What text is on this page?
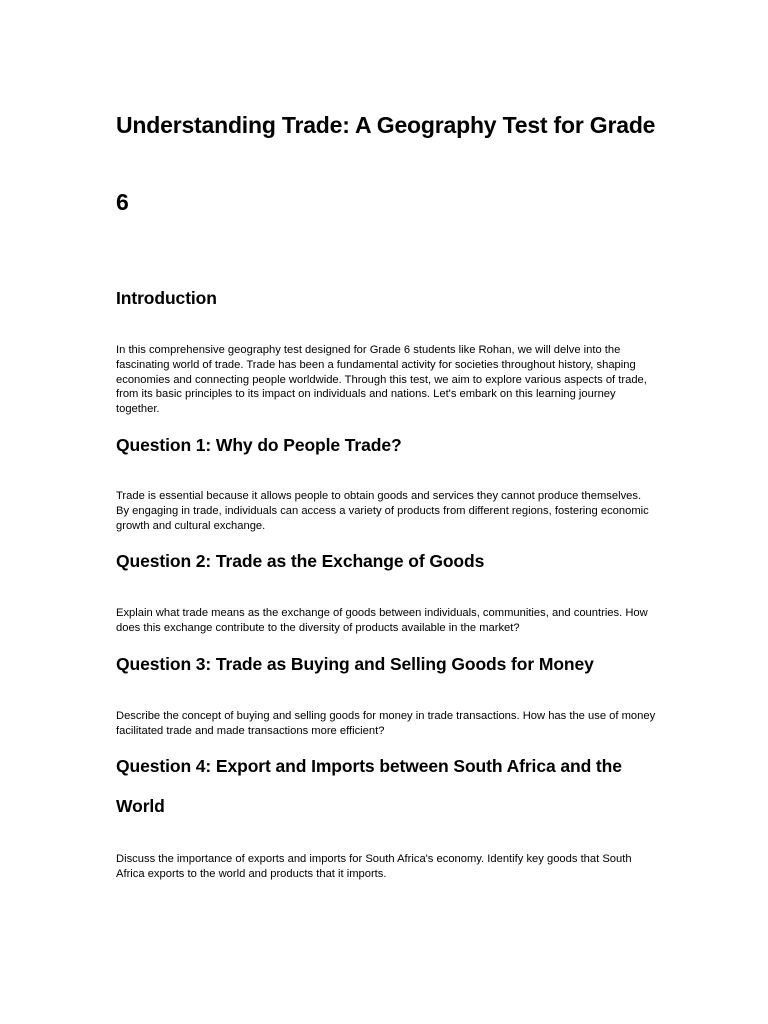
Understanding Trade: A Geography Test for Grade 6
Introduction

In this comprehensive geography test designed for Grade 6 students like Rohan, we will delve into the fascinating world of trade. Trade has been a fundamental activity for societies throughout history, shaping economies and connecting people worldwide. Through this test, we aim to explore various aspects of trade, from its basic principles to its impact on individuals and nations. Let's embark on this learning journey together.

Question 1: Why do People Trade?

Trade is essential because it allows people to obtain goods and services they cannot produce themselves. By engaging in trade, individuals can access a variety of products from different regions, fostering economic growth and cultural exchange.

Question 2: Trade as the Exchange of Goods

Explain what trade means as the exchange of goods between individuals, communities, and countries. How does this exchange contribute to the diversity of products available in the market?

Question 3: Trade as Buying and Selling Goods for Money

Describe the concept of buying and selling goods for money in trade transactions. How has the use of money facilitated trade and made transactions more efficient?

Question 4: Export and Imports between South Africa and the World

Discuss the importance of exports and imports for South Africa's economy. Identify key goods that South Africa exports to the world and products that it imports.
